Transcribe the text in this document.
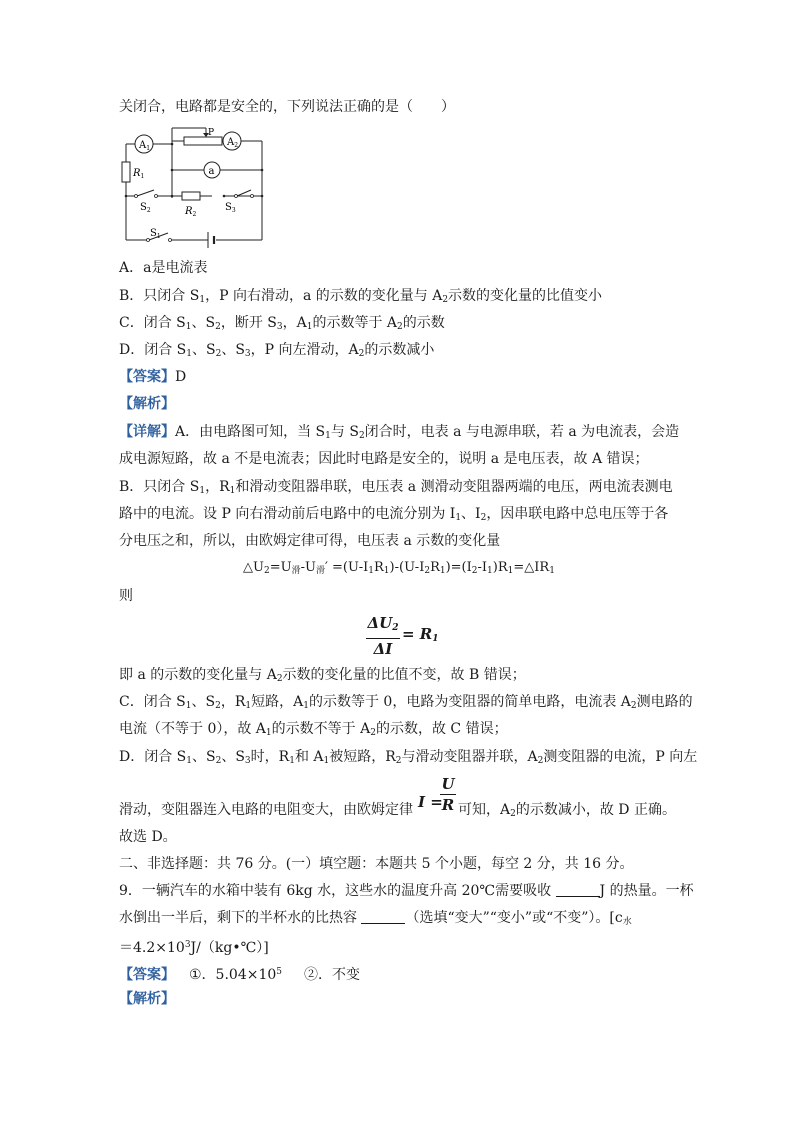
关闭合，电路都是安全的，下列说法正确的是（　　）
$A_1$
$A_2$
a
P
$R_1$
$R_2$
$S_2$	$S_3$
$S_1$
A．a是电流表
B．只闭合 $S_1$，P 向右滑动，a 的示数的变化量与 $A_2$示数的变化量的比值变小
C．闭合 $S_1$、$S_2$，断开 $S_3$，$A_1$的示数等于 $A_2$的示数
D．闭合 $S_1$、$S_2$、$S_3$，P 向左滑动，$A_2$的示数减小
【答案】D
【解析】
【详解】A．由电路图可知，当 $S_1$与 $S_2$闭合时，电表 a 与电源串联，若 a 为电流表，会造
成电源短路，故 a 不是电流表；因此时电路是安全的，说明 a 是电压表，故 A 错误；
B．只闭合 $S_1$，$R_1$和滑动变阻器串联，电压表 a 测滑动变阻器两端的电压，两电流表测电
路中的电流。设 P 向右滑动前后电路中的电流分别为 $I_1$、$I_2$，因串联电路中总电压等于各
分电压之和，所以，由欧姆定律可得，电压表 a 示数的变化量
$\triangle U_2=U_滑-U_滑'$ $=(U-I_1R_1)-(U-I_2R_1)=(I_2-I_1)R_1=\triangle IR_1$
则
$\Delta U_2$
ΔI
= $R_1$
即 a 的示数的变化量与 $A_2$示数的变化量的比值不变，故 B 错误；
C．闭合 $S_1$、$S_2$，$R_1$短路，$A_1$的示数等于 0，电路为变阻器的简单电路，电流表 $A_2$测电路的
电流（不等于 0），故 $A_1$的示数不等于 $A_2$的示数，故 C 错误；
D．闭合 $S_1$、$S_2$、$S_3$时，$R_1$和 $A_1$被短路，$R_2$与滑动变阻器并联，$A_2$测变阻器的电流，P 向左
I =
U
R
滑动，变阻器连入电路的电阻变大，由欧姆定律	可知，$A_2$的示数减小，故 D 正确。
故选 D。
二、非选择题：共 76 分。(一）填空题：本题共 5 个小题，每空 2 分，共 16 分。
9．一辆汽车的水箱中装有 6kg 水，这些水的温度升高 20℃需要吸收	J 的热量。一杯
水倒出一半后，剩下的半杯水的比热容	（选填“变大”“变小”或“不变”）。[$c_水$
$=4.2\times 10^3J/(kg•℃)$]
【答案】 ①．$5.04\times 10^5$ ②．不变
【解析】
